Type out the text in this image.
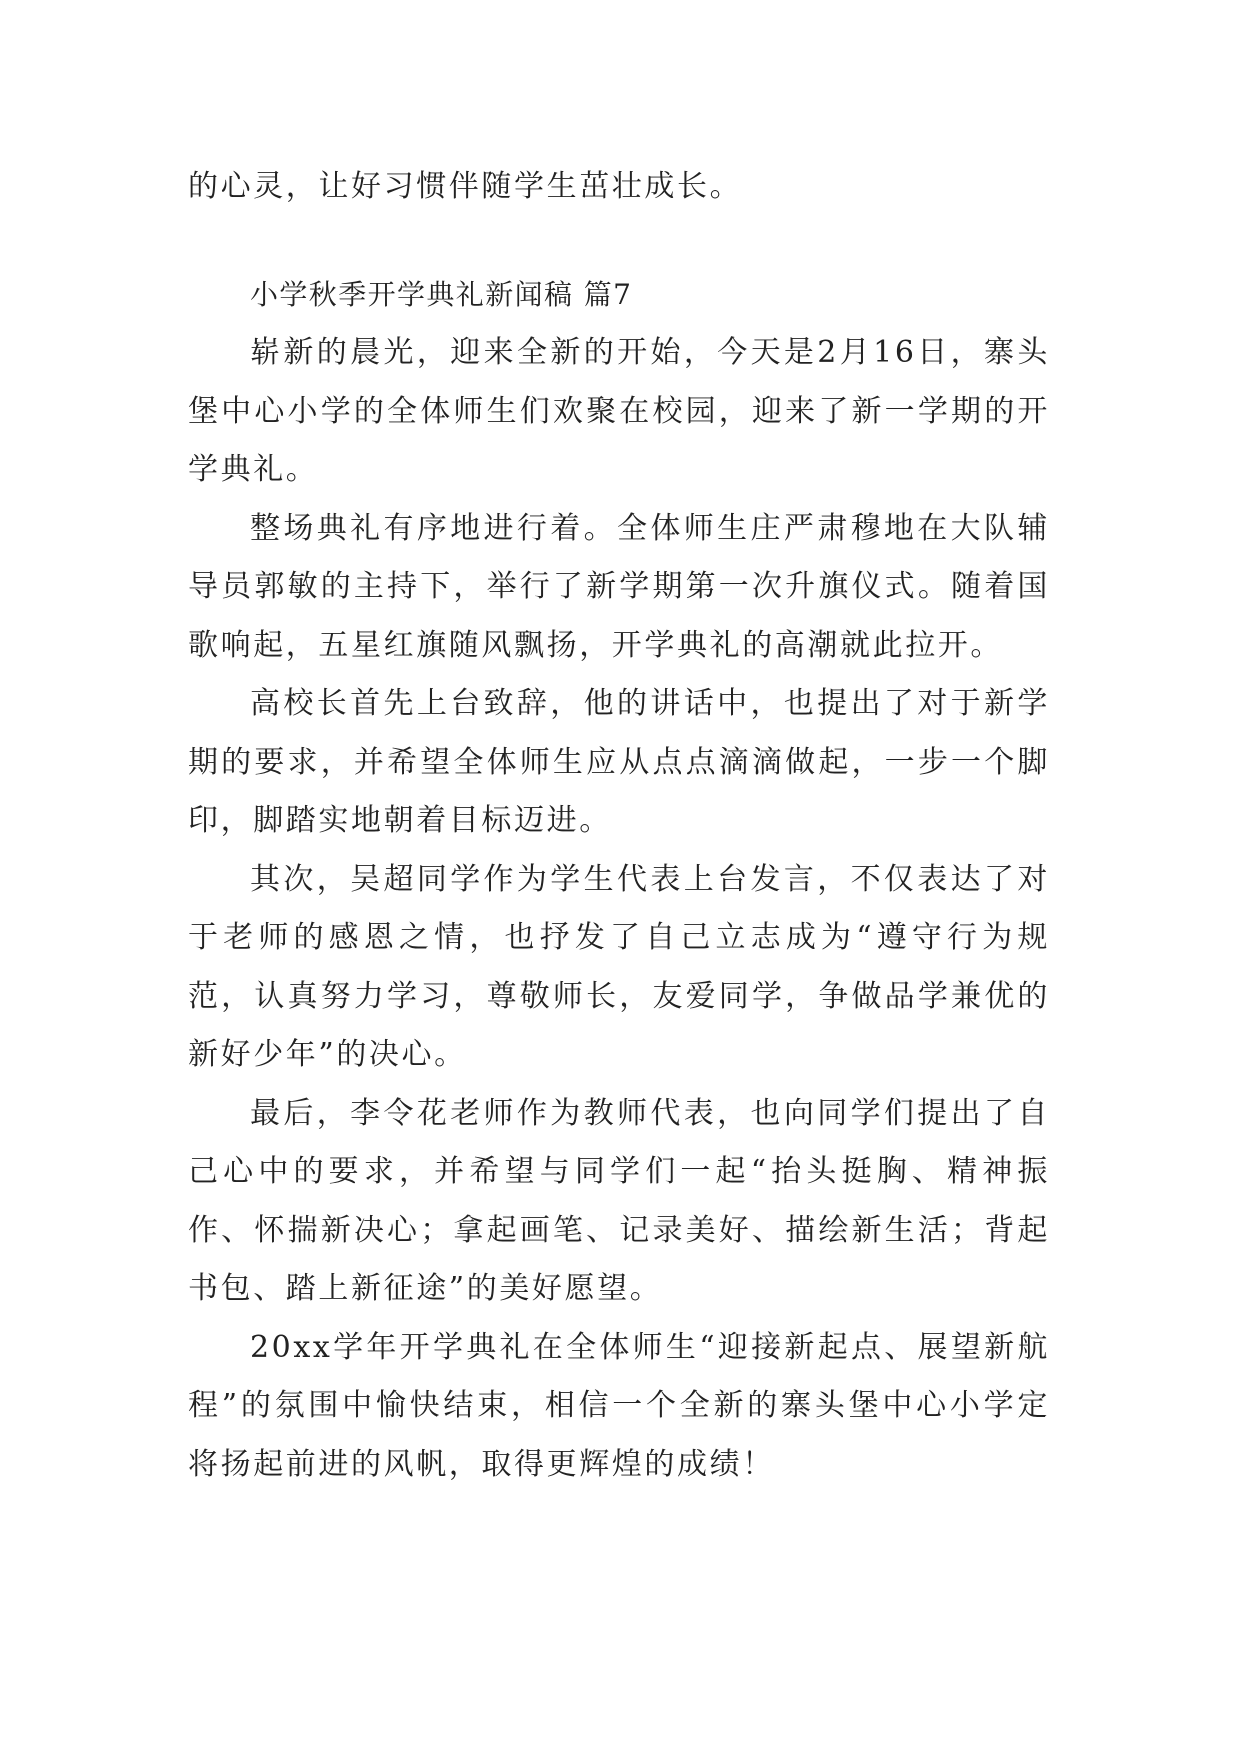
的心灵，让好习惯伴随学生茁壮成长。

小学秋季开学典礼新闻稿 篇7

崭新的晨光，迎来全新的开始，今天是2月16日，寨头堡中心小学的全体师生们欢聚在校园，迎来了新一学期的开学典礼。

整场典礼有序地进行着。全体师生庄严肃穆地在大队辅导员郭敏的主持下，举行了新学期第一次升旗仪式。随着国歌响起，五星红旗随风飘扬，开学典礼的高潮就此拉开。

高校长首先上台致辞，他的讲话中，也提出了对于新学期的要求，并希望全体师生应从点点滴滴做起，一步一个脚印，脚踏实地朝着目标迈进。

其次，吴超同学作为学生代表上台发言，不仅表达了对于老师的感恩之情，也抒发了自己立志成为“遵守行为规范，认真努力学习，尊敬师长，友爱同学，争做品学兼优的新好少年”的决心。

最后，李令花老师作为教师代表，也向同学们提出了自己心中的要求，并希望与同学们一起“抬头挺胸、精神振作、怀揣新决心；拿起画笔、记录美好、描绘新生活；背起书包、踏上新征途”的美好愿望。

20xx学年开学典礼在全体师生“迎接新起点、展望新航程”的氛围中愉快结束，相信一个全新的寨头堡中心小学定将扬起前进的风帆，取得更辉煌的成绩！
